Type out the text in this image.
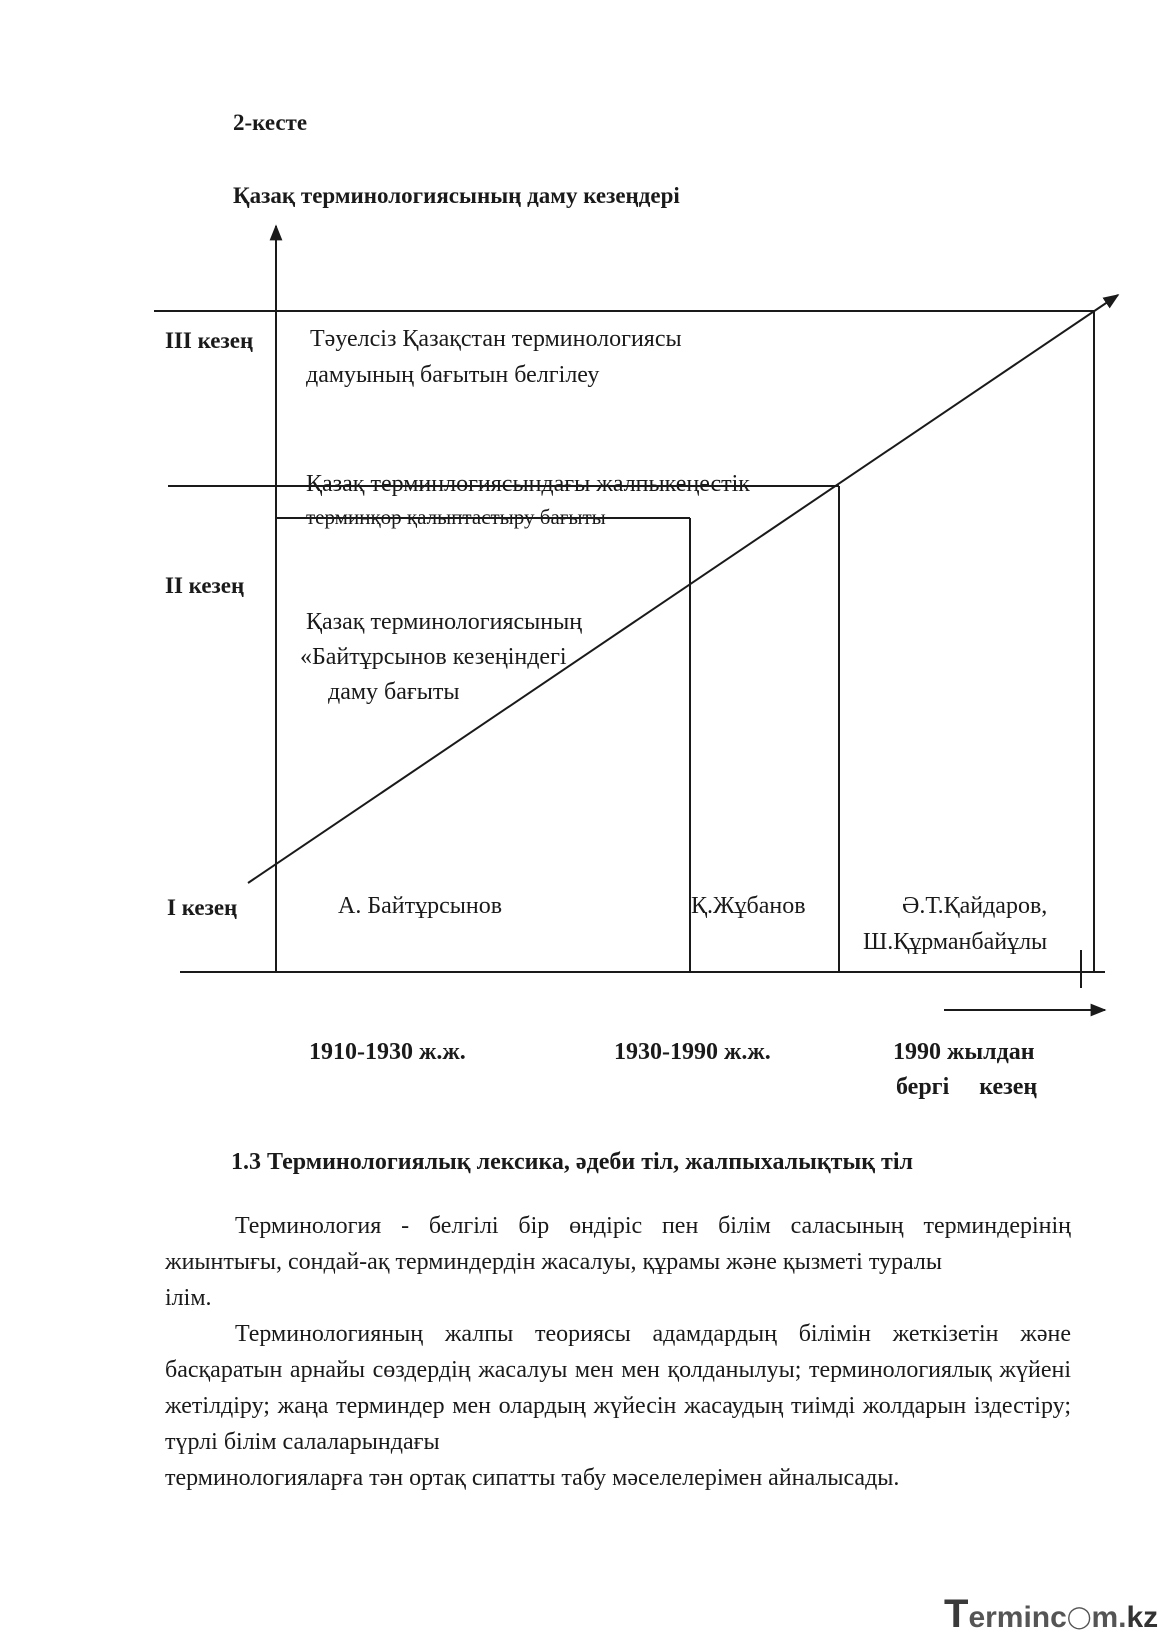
2-кесте
Қазақ терминологиясының даму кезеңдері
ІІІ кезең
ІІ кезең
І кезең
Тәуелсіз Қазақстан терминологиясы
дамуының бағытын белгілеу
Қазақ терминлогиясындағы жалпыкеңестік
терминқор қалыптастыру бағыты
Қазақ терминологиясының
«Байтұрсынов кезеңіндегі
даму бағыты
А. Байтұрсынов	Қ.Жұбанов	Ә.Т.Қайдаров,
Ш.Құрманбайұлы
1910-1930 ж.ж.	1930-1990 ж.ж.	1990 жылдан
бергі     кезең
1.3 Терминологиялық лексика, әдеби тіл, жалпыхалықтық тіл

Терминология - белгілі бір өндіріс пен білім саласының терминдерінің жиынтығы, сондай-ақ терминдердін жасалуы, құрамы және қызметі туралы

ілім.

Терминологияның жалпы теориясы адамдардың білімін жеткізетін және басқаратын арнайы сөздердің жасалуы мен мен қолданылуы; терминологиялық жүйені жетілдіру; жаңа терминдер мен олардың жүйесін жасаудың тиімді жолдарын іздестіру; түрлі білім салаларындағы

терминологияларға тән ортақ сипатты табу мәселелерімен айналысады.
Terminc◯m.kz
